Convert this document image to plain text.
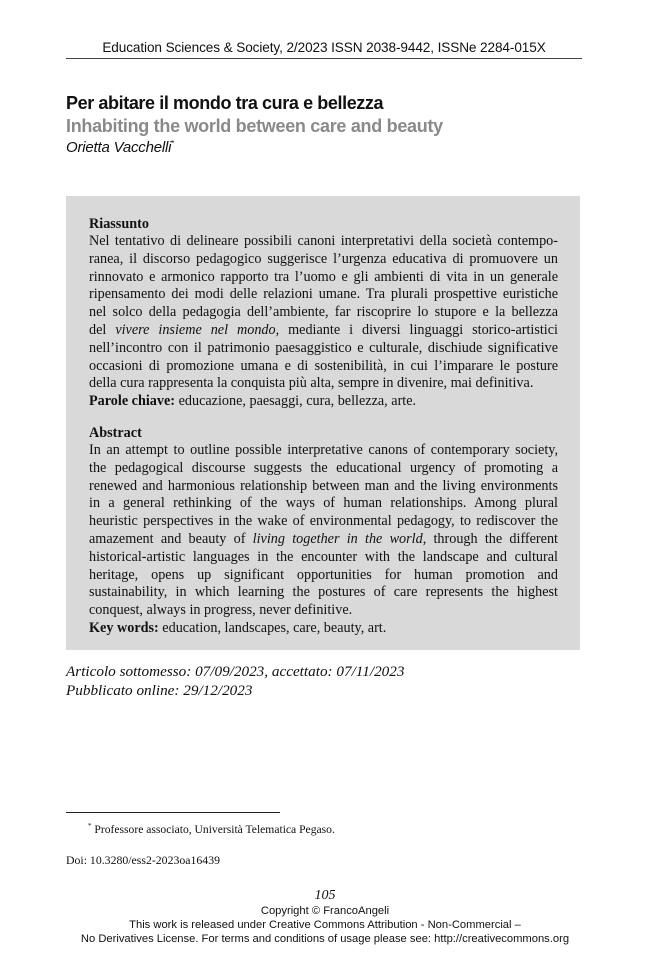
Education Sciences & Society, 2/2023 ISSN 2038-9442, ISSNe 2284-015X
Per abitare il mondo tra cura e bellezza
Inhabiting the world between care and beauty
Orietta Vacchelli*
Riassunto
Nel tentativo di delineare possibili canoni interpretativi della società contempo-
ranea, il discorso pedagogico suggerisce l’urgenza educativa di promuovere un
rinnovato e armonico rapporto tra l’uomo e gli ambienti di vita in un generale
ripensamento dei modi delle relazioni umane. Tra plurali prospettive euristiche
nel solco della pedagogia dell’ambiente, far riscoprire lo stupore e la bellezza
del vivere insieme nel mondo, mediante i diversi linguaggi storico-artistici
nell’incontro con il patrimonio paesaggistico e culturale, dischiude significative
occasioni di promozione umana e di sostenibilità, in cui l’imparare le posture
della cura rappresenta la conquista più alta, sempre in divenire, mai definitiva.
Parole chiave: educazione, paesaggi, cura, bellezza, arte.
Abstract
In an attempt to outline possible interpretative canons of contemporary society,
the pedagogical discourse suggests the educational urgency of promoting a
renewed and harmonious relationship between man and the living environments
in a general rethinking of the ways of human relationships. Among plural
heuristic perspectives in the wake of environmental pedagogy, to rediscover the
amazement and beauty of living together in the world, through the different
historical-artistic languages in the encounter with the landscape and cultural
heritage, opens up significant opportunities for human promotion and
sustainability, in which learning the postures of care represents the highest
conquest, always in progress, never definitive.
Key words: education, landscapes, care, beauty, art.
Articolo sottomesso: 07/09/2023, accettato: 07/11/2023
Pubblicato online: 29/12/2023
* Professore associato, Università Telematica Pegaso.
Doi: 10.3280/ess2-2023oa16439
105
Copyright © FrancoAngeli
This work is released under Creative Commons Attribution - Non-Commercial –
No Derivatives License. For terms and conditions of usage please see: http://creativecommons.org
